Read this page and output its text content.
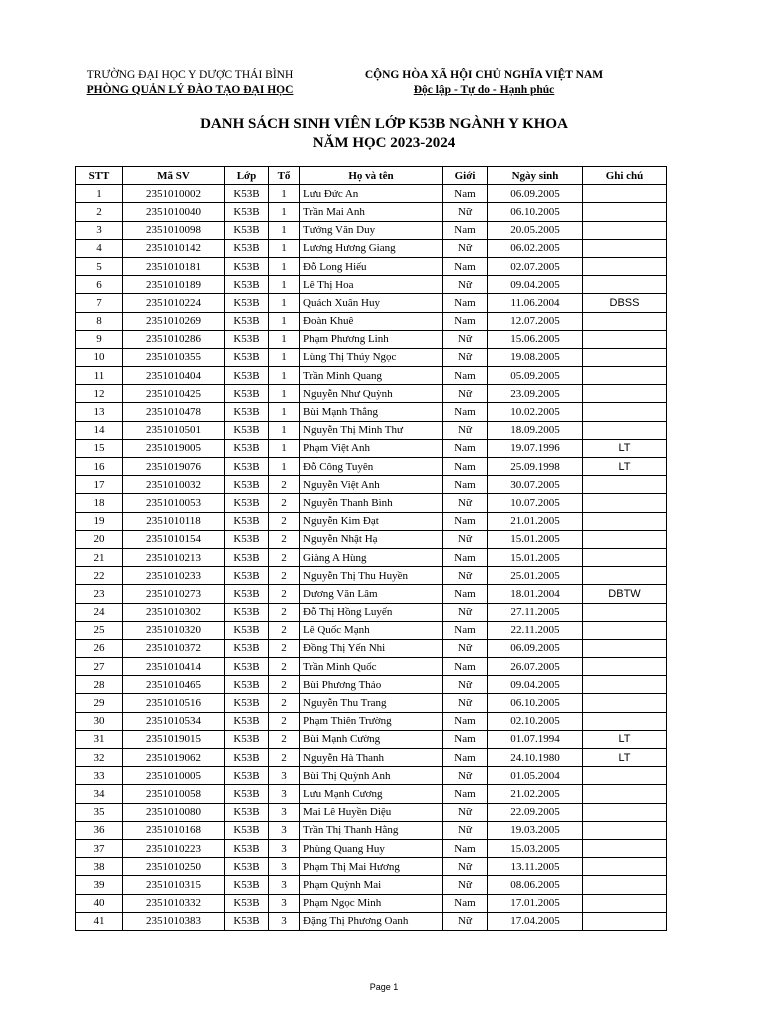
TRƯỜNG ĐẠI HỌC Y DƯỢC THÁI BÌNH
PHÒNG QUẢN LÝ ĐÀO TẠO ĐẠI HỌC
CỘNG HÒA XÃ HỘI CHỦ NGHĨA VIỆT NAM
Độc lập - Tự do - Hạnh phúc
DANH SÁCH SINH VIÊN LỚP K53B NGÀNH Y KHOA
NĂM HỌC 2023-2024
STT	Mã SV	Lớp	Tổ	Họ và tên	Giới	Ngày sinh	Ghi chú
1	2351010002	K53B	1	Lưu Đức An	Nam	06.09.2005	
2	2351010040	K53B	1	Trần Mai Anh	Nữ	06.10.2005	
3	2351010098	K53B	1	Tưởng Văn Duy	Nam	20.05.2005	
4	2351010142	K53B	1	Lương Hương Giang	Nữ	06.02.2005	
5	2351010181	K53B	1	Đỗ Long Hiếu	Nam	02.07.2005	
6	2351010189	K53B	1	Lê Thị Hoa	Nữ	09.04.2005	
7	2351010224	K53B	1	Quách Xuân Huy	Nam	11.06.2004	DBSS
8	2351010269	K53B	1	Đoàn Khuê	Nam	12.07.2005	
9	2351010286	K53B	1	Phạm Phương Linh	Nữ	15.06.2005	
10	2351010355	K53B	1	Lùng Thị Thúy Ngọc	Nữ	19.08.2005	
11	2351010404	K53B	1	Trần Minh Quang	Nam	05.09.2005	
12	2351010425	K53B	1	Nguyễn Như Quỳnh	Nữ	23.09.2005	
13	2351010478	K53B	1	Bùi Mạnh Thắng	Nam	10.02.2005	
14	2351010501	K53B	1	Nguyễn Thị Minh Thư	Nữ	18.09.2005	
15	2351019005	K53B	1	Phạm Việt Anh	Nam	19.07.1996	LT
16	2351019076	K53B	1	Đỗ Công Tuyên	Nam	25.09.1998	LT
17	2351010032	K53B	2	Nguyễn Việt Anh	Nam	30.07.2005	
18	2351010053	K53B	2	Nguyễn Thanh Bình	Nữ	10.07.2005	
19	2351010118	K53B	2	Nguyễn Kim Đạt	Nam	21.01.2005	
20	2351010154	K53B	2	Nguyễn Nhật Hạ	Nữ	15.01.2005	
21	2351010213	K53B	2	Giàng A Hùng	Nam	15.01.2005	
22	2351010233	K53B	2	Nguyễn Thị Thu Huyền	Nữ	25.01.2005	
23	2351010273	K53B	2	Dương Văn Lâm	Nam	18.01.2004	DBTW
24	2351010302	K53B	2	Đỗ Thị Hồng Luyến	Nữ	27.11.2005	
25	2351010320	K53B	2	Lê Quốc Mạnh	Nam	22.11.2005	
26	2351010372	K53B	2	Đồng Thị Yến Nhi	Nữ	06.09.2005	
27	2351010414	K53B	2	Trần Minh Quốc	Nam	26.07.2005	
28	2351010465	K53B	2	Bùi Phương Thảo	Nữ	09.04.2005	
29	2351010516	K53B	2	Nguyễn Thu Trang	Nữ	06.10.2005	
30	2351010534	K53B	2	Phạm Thiên Trường	Nam	02.10.2005	
31	2351019015	K53B	2	Bùi Mạnh Cường	Nam	01.07.1994	LT
32	2351019062	K53B	2	Nguyễn Hà Thanh	Nam	24.10.1980	LT
33	2351010005	K53B	3	Bùi Thị Quỳnh Anh	Nữ	01.05.2004	
34	2351010058	K53B	3	Lưu Mạnh Cương	Nam	21.02.2005	
35	2351010080	K53B	3	Mai Lê Huyền Diệu	Nữ	22.09.2005	
36	2351010168	K53B	3	Trần Thị Thanh Hằng	Nữ	19.03.2005	
37	2351010223	K53B	3	Phùng Quang Huy	Nam	15.03.2005	
38	2351010250	K53B	3	Phạm Thị Mai Hương	Nữ	13.11.2005	
39	2351010315	K53B	3	Phạm Quỳnh Mai	Nữ	08.06.2005	
40	2351010332	K53B	3	Phạm Ngọc Minh	Nam	17.01.2005	
41	2351010383	K53B	3	Đặng Thị Phương Oanh	Nữ	17.04.2005	
Page 1
